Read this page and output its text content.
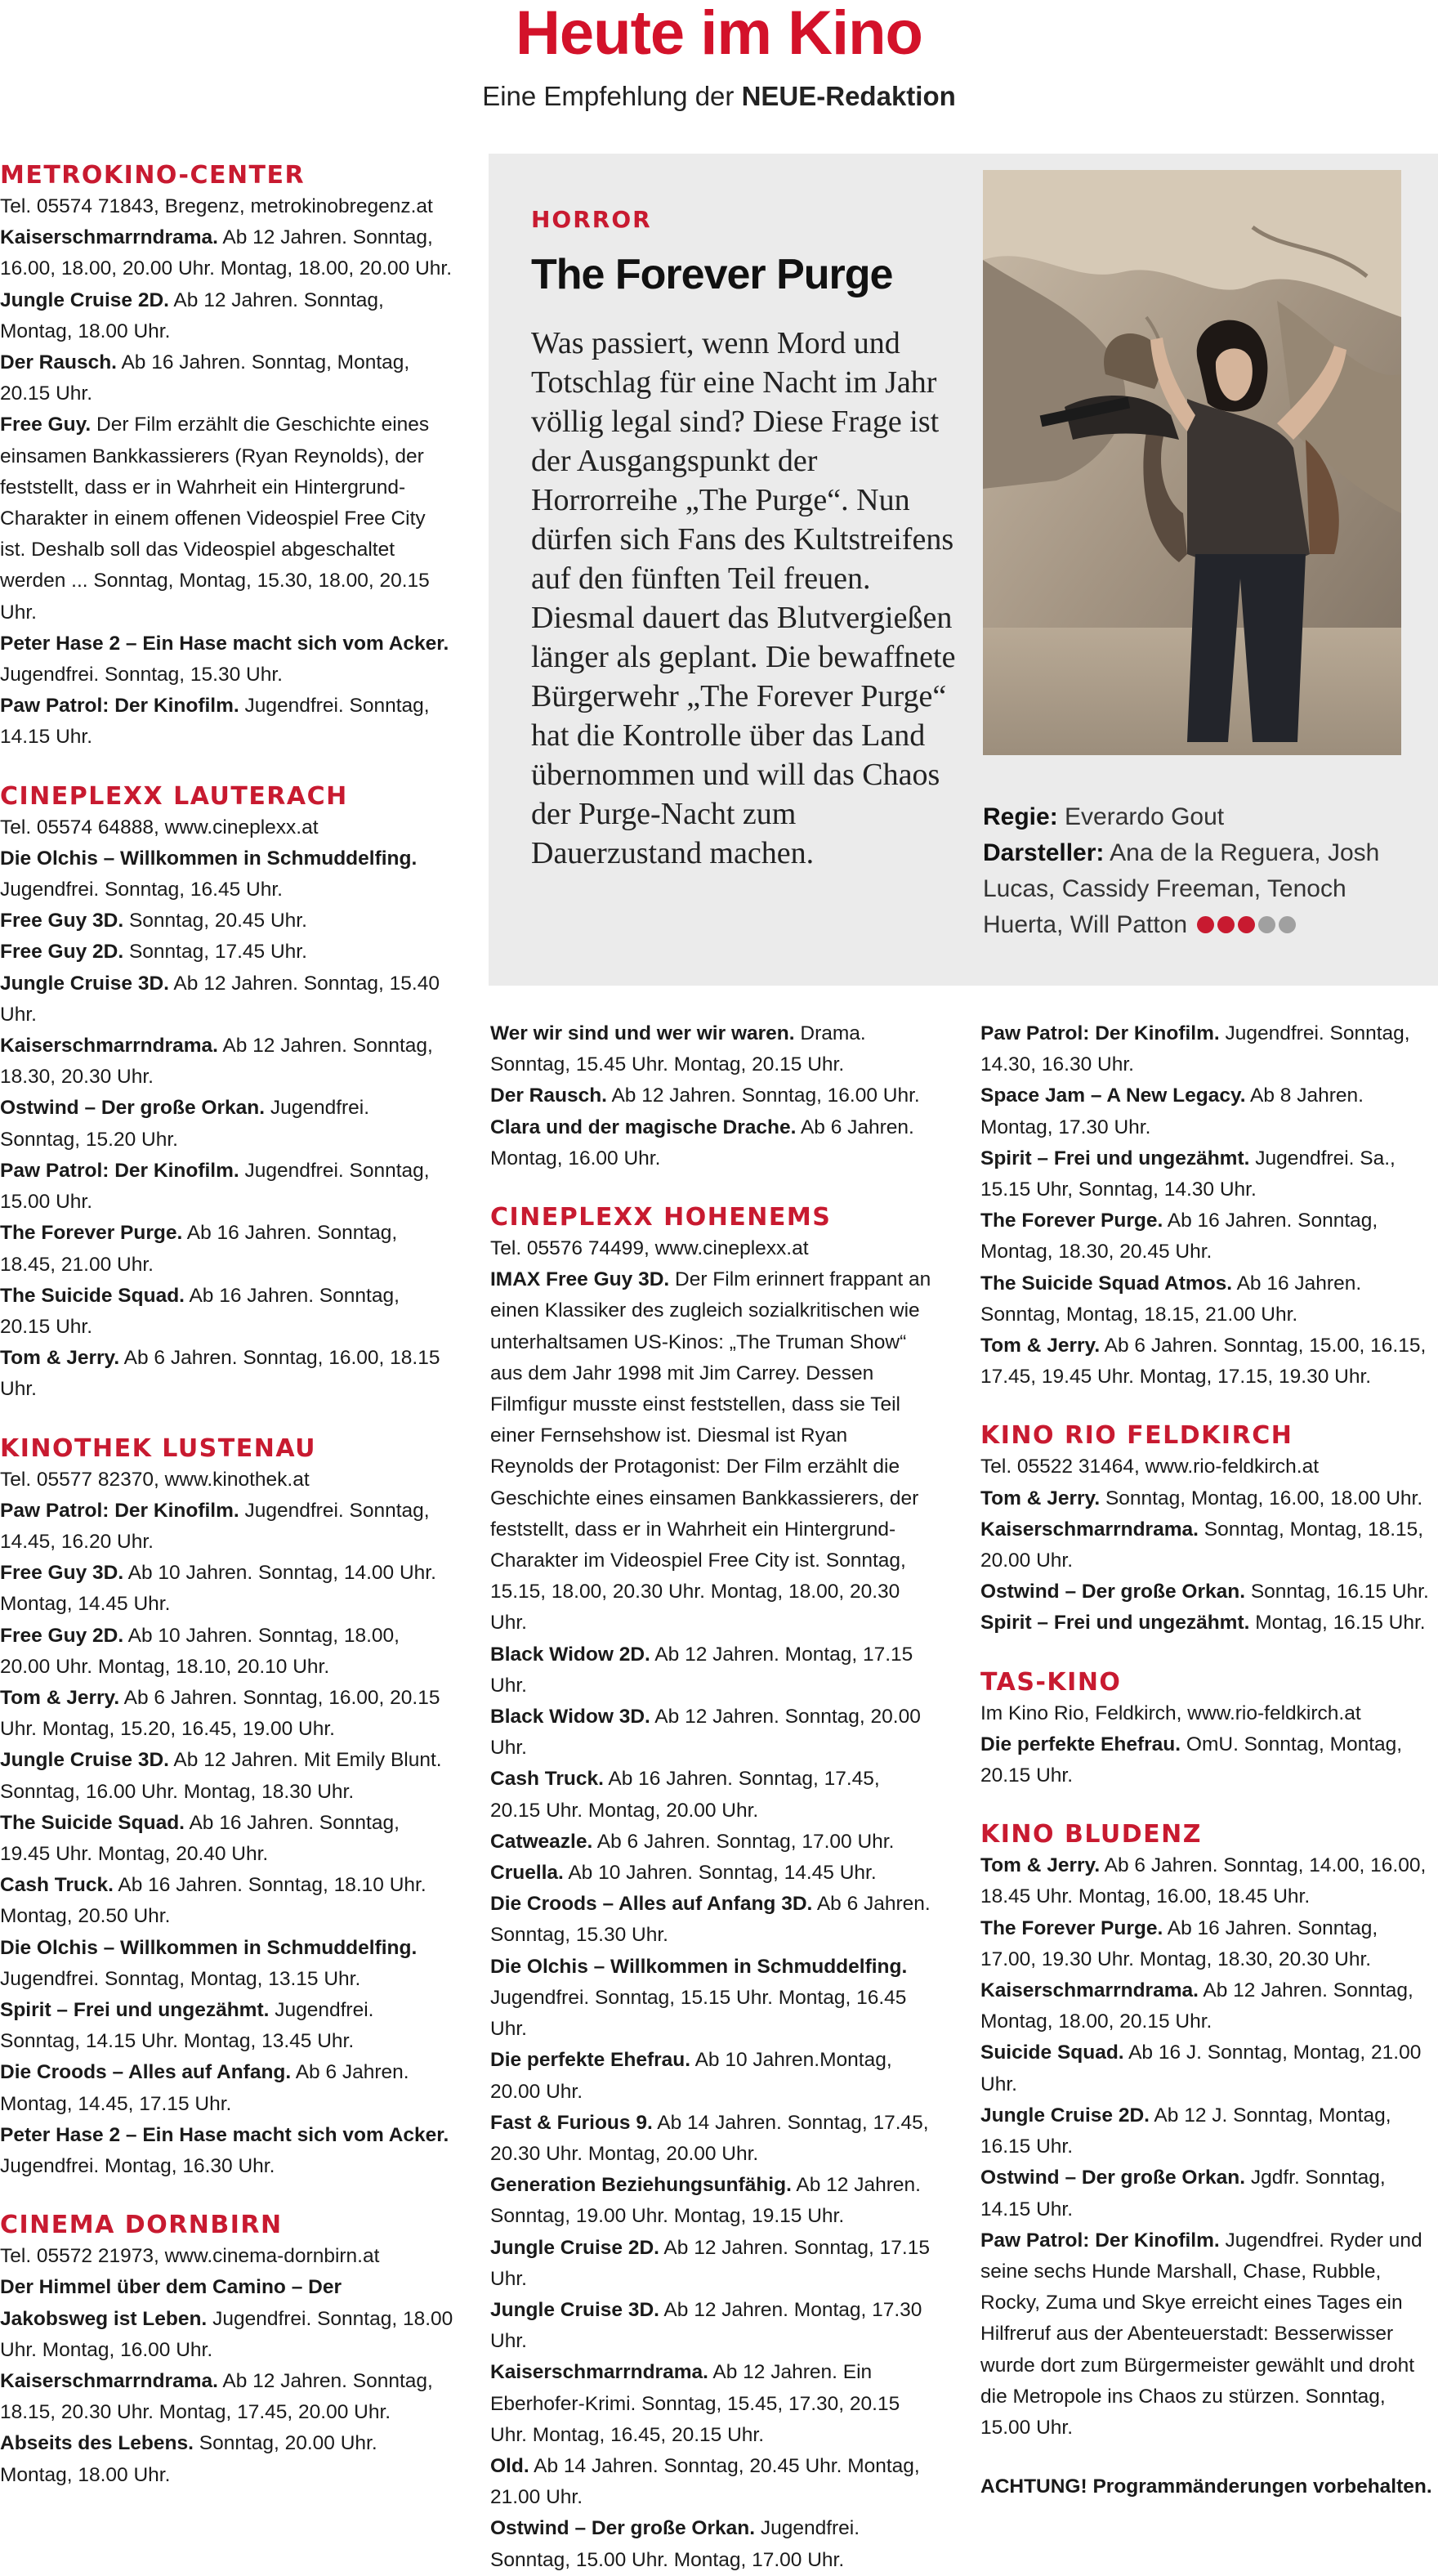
Heute im Kino
Eine Empfehlung der NEUE-Redaktion
HORROR
The Forever Purge
Was passiert, wenn Mord und Totschlag für eine Nacht im Jahr völlig legal sind? Diese Frage ist der Ausgangspunkt der Horrorreihe „The Purge“. Nun dürfen sich Fans des Kultstreifens auf den fünften Teil freuen. Diesmal dauert das Blutvergießen länger als geplant. Die bewaffnete Bürgerwehr „The Forever Purge“ hat die Kontrolle über das Land übernommen und will das Chaos der Purge-Nacht zum Dauerzustand machen.
Regie: Everardo Gout
Darsteller: Ana de la Reguera, Josh Lucas, Cassidy Freeman, Tenoch Huerta, Will Patton
METROKINO-CENTER

Tel. 05574 71843, Bregenz, metrokinobregenz.at

Kaiserschmarrndrama. Ab 12 Jahren. Sonntag, 16.00, 18.00, 20.00 Uhr. Montag, 18.00, 20.00 Uhr.

Jungle Cruise 2D. Ab 12 Jahren. Sonntag, Montag, 18.00 Uhr.

Der Rausch. Ab 16 Jahren. Sonntag, Montag, 20.15 Uhr.

Free Guy. Der Film erzählt die Geschichte eines einsamen Bankkassierers (Ryan Reynolds), der feststellt, dass er in Wahrheit ein Hintergrund-Charakter in einem offenen Videospiel Free City ist. Deshalb soll das Videospiel abgeschaltet werden ... Sonntag, Montag, 15.30, 18.00, 20.15 Uhr.

Peter Hase 2 – Ein Hase macht sich vom Acker. Jugendfrei. Sonntag, 15.30 Uhr.

Paw Patrol: Der Kinofilm. Jugendfrei. Sonntag, 14.15 Uhr.

CINEPLEXX LAUTERACH

Tel. 05574 64888, www.cineplexx.at

Die Olchis – Willkommen in Schmuddelfing. Jugendfrei. Sonntag, 16.45 Uhr.

Free Guy 3D. Sonntag, 20.45 Uhr.

Free Guy 2D. Sonntag, 17.45 Uhr.

Jungle Cruise 3D. Ab 12 Jahren. Sonntag, 15.40 Uhr.

Kaiserschmarrndrama. Ab 12 Jahren. Sonntag, 18.30, 20.30 Uhr.

Ostwind – Der große Orkan. Jugendfrei. Sonntag, 15.20 Uhr.

Paw Patrol: Der Kinofilm. Jugendfrei. Sonntag, 15.00 Uhr.

The Forever Purge. Ab 16 Jahren. Sonntag, 18.45, 21.00 Uhr.

The Suicide Squad. Ab 16 Jahren. Sonntag, 20.15 Uhr.

Tom & Jerry. Ab 6 Jahren. Sonntag, 16.00, 18.15 Uhr.

KINOTHEK LUSTENAU

Tel. 05577 82370, www.kinothek.at

Paw Patrol: Der Kinofilm. Jugendfrei. Sonntag, 14.45, 16.20 Uhr.

Free Guy 3D. Ab 10 Jahren. Sonntag, 14.00 Uhr. Montag, 14.45 Uhr.

Free Guy 2D. Ab 10 Jahren. Sonntag, 18.00, 20.00 Uhr. Montag, 18.10, 20.10 Uhr.

Tom & Jerry. Ab 6 Jahren. Sonntag, 16.00, 20.15 Uhr. Montag, 15.20, 16.45, 19.00 Uhr.

Jungle Cruise 3D. Ab 12 Jahren. Mit Emily Blunt. Sonntag, 16.00 Uhr. Montag, 18.30 Uhr.

The Suicide Squad. Ab 16 Jahren. Sonntag, 19.45 Uhr. Montag, 20.40 Uhr.

Cash Truck. Ab 16 Jahren. Sonntag, 18.10 Uhr. Montag, 20.50 Uhr.

Die Olchis – Willkommen in Schmuddelfing. Jugendfrei. Sonntag, Montag, 13.15 Uhr.

Spirit – Frei und ungezähmt. Jugendfrei. Sonntag, 14.15 Uhr. Montag, 13.45 Uhr.

Die Croods – Alles auf Anfang. Ab 6 Jahren. Montag, 14.45, 17.15 Uhr.

Peter Hase 2 – Ein Hase macht sich vom Acker. Jugendfrei. Montag, 16.30 Uhr.

CINEMA DORNBIRN

Tel. 05572 21973, www.cinema-dornbirn.at

Der Himmel über dem Camino – Der Jakobsweg ist Leben. Jugendfrei. Sonntag, 18.00 Uhr. Montag, 16.00 Uhr.

Kaiserschmarrndrama. Ab 12 Jahren. Sonntag, 18.15, 20.30 Uhr. Montag, 17.45, 20.00 Uhr.

Abseits des Lebens. Sonntag, 20.00 Uhr. Montag, 18.00 Uhr.

Wer wir sind und wer wir waren. Drama. Sonntag, 15.45 Uhr. Montag, 20.15 Uhr.

Der Rausch. Ab 12 Jahren. Sonntag, 16.00 Uhr.

Clara und der magische Drache. Ab 6 Jahren. Montag, 16.00 Uhr.

CINEPLEXX HOHENEMS

Tel. 05576 74499, www.cineplexx.at

IMAX Free Guy 3D. Der Film erinnert frappant an einen Klassiker des zugleich sozialkritischen wie unterhaltsamen US-Kinos: „The Truman Show“ aus dem Jahr 1998 mit Jim Carrey. Dessen Filmfigur musste einst feststellen, dass sie Teil einer Fernsehshow ist. Diesmal ist Ryan Reynolds der Protagonist: Der Film erzählt die Geschichte eines einsamen Bankkassierers, der feststellt, dass er in Wahrheit ein Hintergrund-Charakter im Videospiel Free City ist. Sonntag, 15.15, 18.00, 20.30 Uhr. Montag, 18.00, 20.30 Uhr.

Black Widow 2D. Ab 12 Jahren. Montag, 17.15 Uhr.

Black Widow 3D. Ab 12 Jahren. Sonntag, 20.00 Uhr.

Cash Truck. Ab 16 Jahren. Sonntag, 17.45, 20.15 Uhr. Montag, 20.00 Uhr.

Catweazle. Ab 6 Jahren. Sonntag, 17.00 Uhr.

Cruella. Ab 10 Jahren. Sonntag, 14.45 Uhr.

Die Croods – Alles auf Anfang 3D. Ab 6 Jahren. Sonntag, 15.30 Uhr.

Die Olchis – Willkommen in Schmuddelfing. Jugendfrei. Sonntag, 15.15 Uhr. Montag, 16.45 Uhr.

Die perfekte Ehefrau. Ab 10 Jahren.Montag, 20.00 Uhr.

Fast & Furious 9. Ab 14 Jahren. Sonntag, 17.45, 20.30 Uhr. Montag, 20.00 Uhr.

Generation Beziehungsunfähig. Ab 12 Jahren. Sonntag, 19.00 Uhr. Montag, 19.15 Uhr.

Jungle Cruise 2D. Ab 12 Jahren. Sonntag, 17.15 Uhr.

Jungle Cruise 3D. Ab 12 Jahren. Montag, 17.30 Uhr.

Kaiserschmarrndrama. Ab 12 Jahren. Ein Eberhofer-Krimi. Sonntag, 15.45, 17.30, 20.15 Uhr. Montag, 16.45, 20.15 Uhr.

Old. Ab 14 Jahren. Sonntag, 20.45 Uhr. Montag, 21.00 Uhr.

Ostwind – Der große Orkan. Jugendfrei. Sonntag, 15.00 Uhr. Montag, 17.00 Uhr.

Paw Patrol: Der Kinofilm. Jugendfrei. Sonntag, 14.30, 16.30 Uhr.

Space Jam – A New Legacy. Ab 8 Jahren. Montag, 17.30 Uhr.

Spirit – Frei und ungezähmt. Jugendfrei. Sa., 15.15 Uhr, Sonntag, 14.30 Uhr.

The Forever Purge. Ab 16 Jahren. Sonntag, Montag, 18.30, 20.45 Uhr.

The Suicide Squad Atmos. Ab 16 Jahren. Sonntag, Montag, 18.15, 21.00 Uhr.

Tom & Jerry. Ab 6 Jahren. Sonntag, 15.00, 16.15, 17.45, 19.45 Uhr. Montag, 17.15, 19.30 Uhr.

KINO RIO FELDKIRCH

Tel. 05522 31464, www.rio-feldkirch.at

Tom & Jerry. Sonntag, Montag, 16.00, 18.00 Uhr.

Kaiserschmarrndrama. Sonntag, Montag, 18.15, 20.00 Uhr.

Ostwind – Der große Orkan. Sonntag, 16.15 Uhr.

Spirit – Frei und ungezähmt. Montag, 16.15 Uhr.

TAS-KINO

Im Kino Rio, Feldkirch, www.rio-feldkirch.at

Die perfekte Ehefrau. OmU. Sonntag, Montag, 20.15 Uhr.

KINO BLUDENZ

Tom & Jerry. Ab 6 Jahren. Sonntag, 14.00, 16.00, 18.45 Uhr. Montag, 16.00, 18.45 Uhr.

The Forever Purge. Ab 16 Jahren. Sonntag, 17.00, 19.30 Uhr. Montag, 18.30, 20.30 Uhr.

Kaiserschmarrndrama. Ab 12 Jahren. Sonntag, Montag, 18.00, 20.15 Uhr.

Suicide Squad. Ab 16 J. Sonntag, Montag, 21.00 Uhr.

Jungle Cruise 2D. Ab 12 J. Sonntag, Montag, 16.15 Uhr.

Ostwind – Der große Orkan. Jgdfr. Sonntag, 14.15 Uhr.

Paw Patrol: Der Kinofilm. Jugendfrei. Ryder und seine sechs Hunde Marshall, Chase, Rubble, Rocky, Zuma und Skye erreicht eines Tages ein Hilfreruf aus der Abenteuerstadt: Besserwisser wurde dort zum Bürgermeister gewählt und droht die Metropole ins Chaos zu stürzen. Sonntag, 15.00 Uhr.

ACHTUNG! Programmänderungen vorbehalten.
